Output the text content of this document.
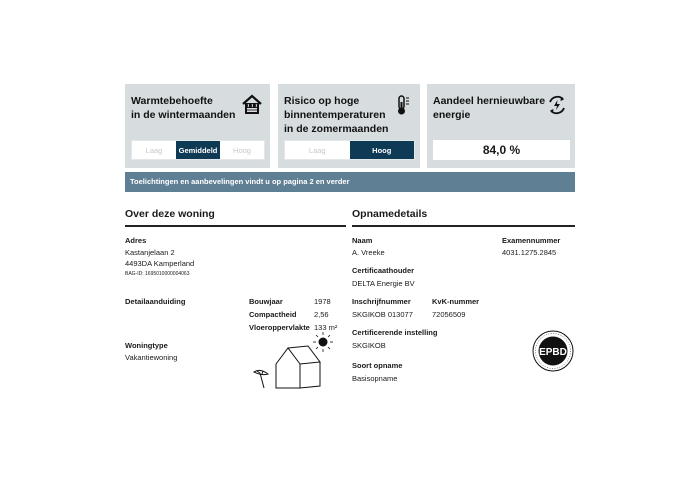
Warmtebehoefte
in de wintermaanden
Laag	Gemiddeld	Hoog
Risico op hoge
binnentemperaturen
in de zomermaanden
Laag	Hoog
Aandeel hernieuwbare
energie
84,0 %
Toelichtingen en aanbevelingen vindt u op pagina 2 en verder
Over deze woning
Adres
Kastanjelaan 2
4493DA Kamperland
BAG-ID: 1695010000004063
Detailaanduiding	Bouwjaar	1978
Compactheid 2,56
Vloeroppervlakte 133 m²
Woningtype
Vakantiewoning
Opnamedetails
Naam
A. Vreeke
Examennummer
4031.1275.2845
Certificaathouder
DELTA Energie BV
Inschrijfnummer
SKGIKOB 013077
KvK-nummer
72056509
Certificerende instelling
SKGIKOB
Soort opname
Basisopname
EPBD
